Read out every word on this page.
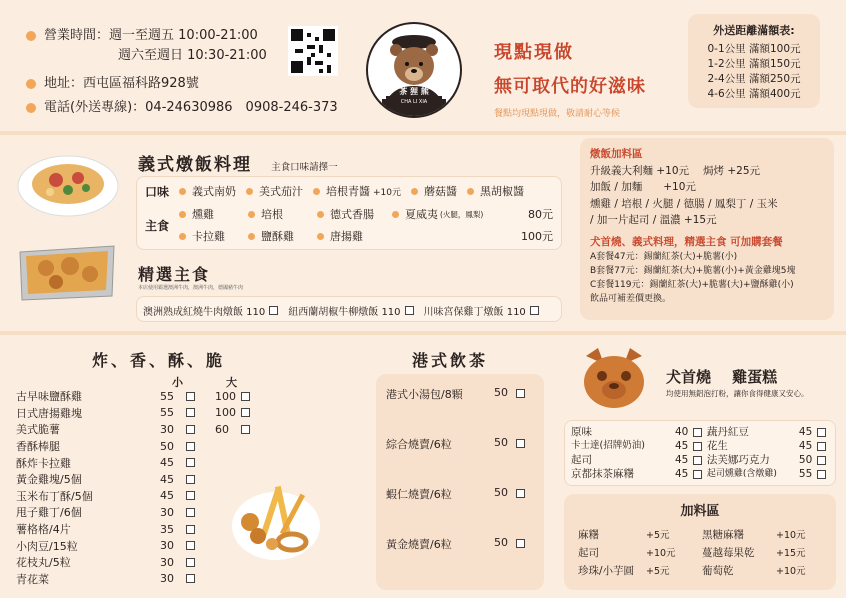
營業時間：週一至週五 10:00-21:00
週六至週日 10:30-21:00
地址：西屯區福科路928號
電話(外送專線)：04-24630986　0908-246-373
茶 狸 熊
CHA LI XIA
現點現做
無可取代的好滋味
餐點均現點現做，敬請耐心等候
外送距離滿額表:
0-1公里 滿額100元
1-2公里 滿額150元
2-4公里 滿額250元
4-6公里 滿額400元
義式燉飯料理 主食口味請擇一
口味	義式南奶 美式茄汁 培根青醬 +10元 蘑菇醬 黑胡椒醬
主食
燻雞	培根	德式香腸	夏威夷 (火腿，鳳梨)	80元
卡拉雞	鹽酥雞	唐揚雞	100元
精選主食
本店使用霸選澳洲牛肉，澳洲牛肉，德國豬牛肉
澳洲熟成紅燒牛肉燉飯 110 紐西蘭胡椒牛柳燉飯 110 川味宮保雞丁燉飯 110
燉飯加料區
升級義大利麵 +10元 焗烤 +25元
加飯 / 加麵　　+10元
燻雞 / 培根 / 火腿 / 德腸 / 鳳梨丁 / 玉米
/ 加一片起司 / 溫濃 +15元
犬首燒、義式料理，精選主食 可加購套餐
A套餐47元：錫蘭紅茶(大)+脆薯(小)
B套餐77元：錫蘭紅茶(大)+脆薯(小)+黃金雞塊5塊
C套餐119元：錫蘭紅茶(大)+脆薯(大)+鹽酥雞(小)
飲品可補差價更換。
炸、香、酥、脆
小	大
古早味鹽酥雞	55	100
日式唐揚雞塊	55	100
美式脆薯	30	60
香酥棒腿	50
酥炸卡拉雞	45
黃金雞塊/5個	45
玉米布丁酥/5個	45
甩子雞丁/6個	30
薯格格/4片	35
小肉豆/15粒	30
花枝丸/5粒	30
青花菜	30
港式飲茶
港式小湯包/8顆	50
綜合燒賣/6粒	50
蝦仁燒賣/6粒	50
黃金燒賣/6粒	50
犬首燒 雞蛋糕
均使用無鋁泡打粉，讓你食得健康又安心。
原味	40
卡士達(招牌奶油)	45
起司	45
京都抹茶麻糬	45
蔬丹紅豆	45
花生	45
法芙娜巧克力	50
起司燻雞(含燉雞)	55
加料區
麻糬	+5元	黑糖麻糬	+10元
起司	+10元	蔓越莓果乾	+15元
珍珠/小芋圓	+5元	葡萄乾	+10元
